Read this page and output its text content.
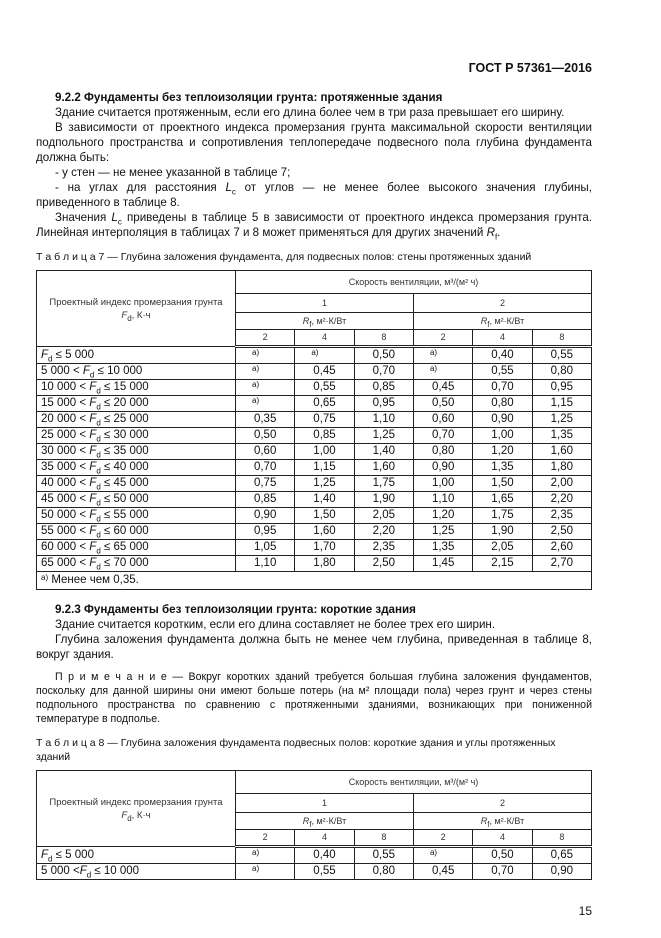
ГОСТ Р 57361—2016
9.2.2 Фундаменты без теплоизоляции грунта: протяженные здания
Здание считается протяженным, если его длина более чем в три раза превышает его ширину.
В зависимости от проектного индекса промерзания грунта максимальной скорости вентиляции подпольного пространства и сопротивления теплопередаче подвесного пола глубина фундамента должна быть:
- у стен — не менее указанной в таблице 7;
- на углах для расстояния $L_c$ от углов — не менее более высокого значения глубины, приведенного в таблице 8.
Значения $L_c$ приведены в таблице 5 в зависимости от проектного индекса промерзания грунта. Линейная интерполяция в таблицах 7 и 8 может применяться для других значений $R_f$.
Т а б л и ц а 7 — Глубина заложения фундамента, для подвесных полов: стены протяженных зданий
Проектный индекс промерзания грунта
$F_d$, К·ч	Скорость вентиляции, м³/(м² ч)					
	1			2		
	$R_f$, м²·К/Вт			$R_f$, м²·К/Вт		
	2	4	8	2	4	8
$F_d \le 5$ 000	$^{а)}$	$^{а)}$	0,50	$^{а)}$	0,40	0,55
5 $000 < F_d \le 10$ 000	$^{а)}$	0,45	0,70	$^{а)}$	0,55	0,80
10 $000 < F_d \le 15$ 000	$^{а)}$	0,55	0,85	0,45	0,70	0,95
15 $000 < F_d \le 20$ 000	$^{а)}$	0,65	0,95	0,50	0,80	1,15
20 $000 < F_d \le 25$ 000	0,35	0,75	1,10	0,60	0,90	1,25
25 $000 < F_d \le 30$ 000	0,50	0,85	1,25	0,70	1,00	1,35
30 $000 < F_d \le 35$ 000	0,60	1,00	1,40	0,80	1,20	1,60
35 $000 < F_d \le 40$ 000	0,70	1,15	1,60	0,90	1,35	1,80
40 $000 < F_d \le 45$ 000	0,75	1,25	1,75	1,00	1,50	2,00
45 $000 < F_d \le 50$ 000	0,85	1,40	1,90	1,10	1,65	2,20
50 $000 < F_d \le 55$ 000	0,90	1,50	2,05	1,20	1,75	2,35
55 $000 < F_d \le 60$ 000	0,95	1,60	2,20	1,25	1,90	2,50
60 $000 < F_d \le 65$ 000	1,05	1,70	2,35	1,35	2,05	2,60
65 $000 < F_d \le 70$ 000	1,10	1,80	2,50	1,45	2,15	2,70
$^{а)}$ Менее чем 0,35.						
9.2.3 Фундаменты без теплоизоляции грунта: короткие здания
Здание считается коротким, если его длина составляет не более трех его ширин.
Глубина заложения фундамента должна быть не менее чем глубина, приведенная в таблице 8, вокруг здания.
П р и м е ч а н и е — Вокруг коротких зданий требуется большая глубина заложения фундаментов, поскольку для данной ширины они имеют больше потерь (на м² площади пола) через грунт и через стены подпольного пространства по сравнению с протяженными зданиями, возникающих при пониженной температуре в подполье.
Т а б л и ц а 8 — Глубина заложения фундамента подвесных полов: короткие здания и углы протяженных зданий
Проектный индекс промерзания грунта
$F_d$, К·ч	Скорость вентиляции, м³/(м² ч)					
	1			2		
	$R_f$, м²·К/Вт			$R_f$, м²·К/Вт		
	2	4	8	2	4	8
$F_d \le 5$ 000	$^{а)}$	0,40	0,55	$^{а)}$	0,50	0,65
5 $000 <F_d \le 10$ 000	$^{а)}$	0,55	0,80	0,45	0,70	0,90
15
